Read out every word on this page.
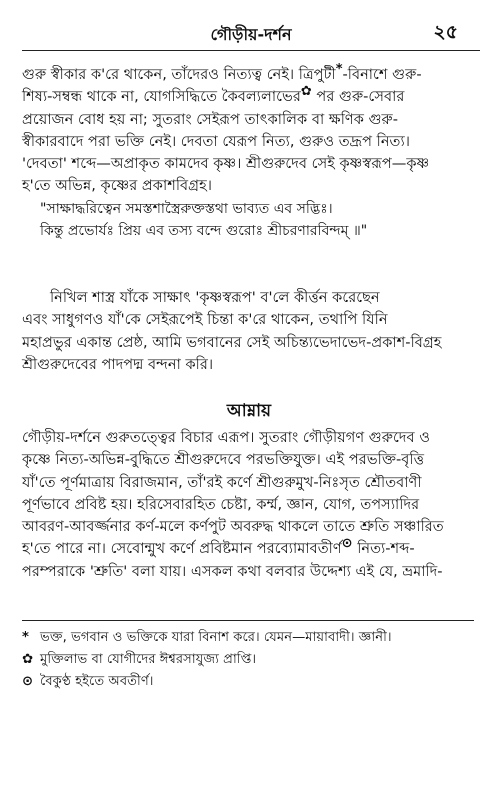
গৌড়ীয়-দর্শন	২৫
গুরু স্বীকার ক'রে থাকেন, তাঁদেরও নিত্যত্ব নেই। ত্রিপুটী*-বিনাশে গুরু-
শিষ্য-সম্বন্ধ থাকে না, যোগসিদ্ধিতে কৈবল্যলাভের✿ পর গুরু-সেবার
প্রয়োজন বোধ হয় না; সুতরাং সেইরূপ তাৎকালিক বা ক্ষণিক গুরু-
স্বীকারবাদে পরা ভক্তি নেই। দেবতা যেরূপ নিত্য, গুরুও তদ্রূপ নিত্য।
'দেবতা' শব্দে—অপ্রাকৃত কামদেব কৃষ্ণ। শ্রীগুরুদেব সেই কৃষ্ণস্বরূপ—কৃষ্ণ
হ'তে অভিন্ন, কৃষ্ণের প্রকাশবিগ্রহ।
"সাক্ষাদ্ধরিত্বেন সমস্তশাস্ত্রৈরুক্তস্তথা ভাব্যত এব সদ্ভিঃ।
কিন্তু প্রভোর্যঃ প্রিয় এব তস্য বন্দে গুরোঃ শ্রীচরণারবিন্দম্ ॥"
নিখিল শাস্ত্র যাঁকে সাক্ষাৎ 'কৃষ্ণস্বরূপ' ব'লে কীর্ত্তন করেছেন
এবং সাধুগণও যাঁ'কে সেইরূপেই চিন্তা ক'রে থাকেন, তথাপি যিনি
মহাপ্রভুর একান্ত প্রেষ্ঠ, আমি ভগবানের সেই অচিন্ত্যভেদাভেদ-প্রকাশ-বিগ্রহ
শ্রীগুরুদেবের পাদপদ্ম বন্দনা করি।
আম্নায়
গৌড়ীয়-দর্শনে গুরুতত্ত্বের বিচার এরূপ। সুতরাং গৌড়ীয়গণ গুরুদেব ও
কৃষ্ণে নিত্য-অভিন্ন-বুদ্ধিতে শ্রীগুরুদেবে পরভক্তিযুক্ত। এই পরভক্তি-বৃত্তি
যাঁ'তে পূর্ণমাত্রায় বিরাজমান, তাঁ'রই কর্ণে শ্রীগুরুমুখ-নিঃসৃত শ্রৌতবাণী
পূর্ণভাবে প্রবিষ্ট হয়। হরিসেবারহিত চেষ্টা, কর্ম্ম, জ্ঞান, যোগ, তপস্যাদির
আবরণ-আবর্জ্জনার কর্ণ-মলে কর্ণপুট অবরুদ্ধ থাকলে তাতে শ্রুতি সঞ্চারিত
হ'তে পারে না। সেবোন্মুখ কর্ণে প্রবিষ্টমান পরব্যোমাবতীর্ণ⊙ নিত্য-শব্দ-
পরম্পরাকে 'শ্রুতি' বলা যায়। এসকল কথা বলবার উদ্দেশ্য এই যে, ভ্রমাদি-
* ভক্ত, ভগবান ও ভক্তিকে যারা বিনাশ করে। যেমন—মায়াবাদী। জ্ঞানী।
✿ মুক্তিলাভ বা যোগীদের ঈশ্বরসাযুজ্য প্রাপ্তি।
⊙ বৈকুণ্ঠ হইতে অবতীর্ণ।
